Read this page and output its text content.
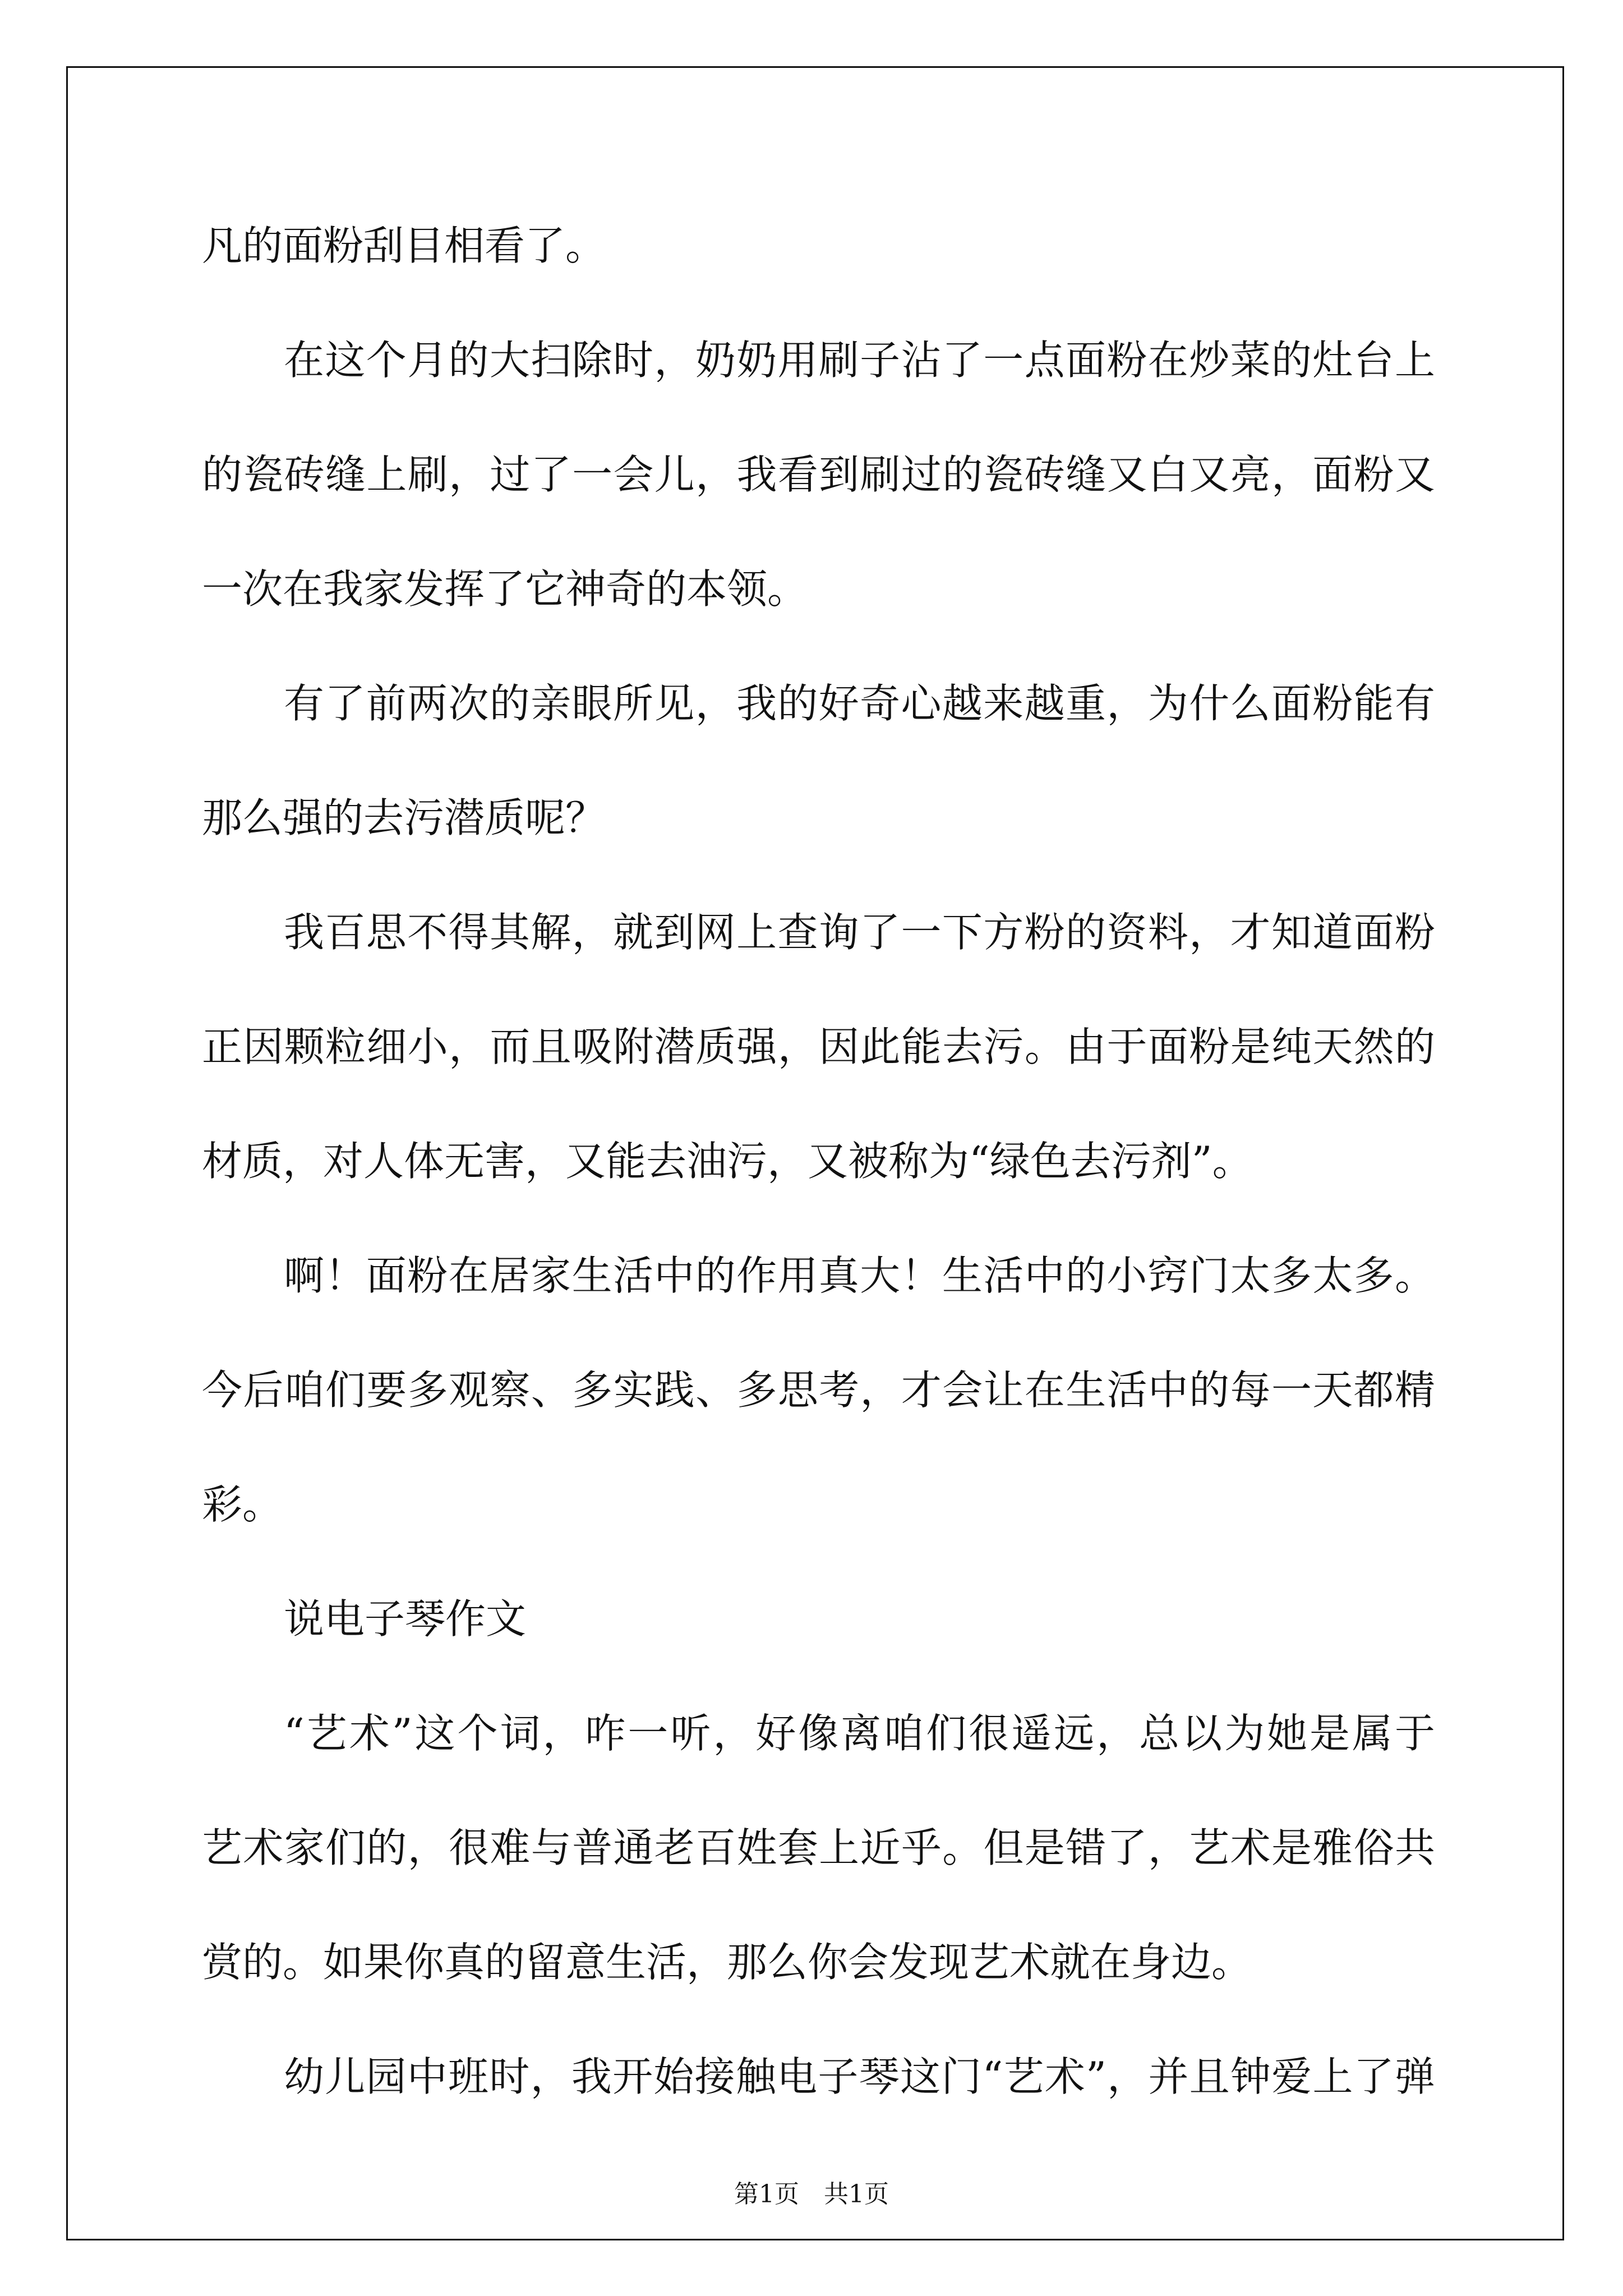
凡的面粉刮目相看了。
在这个月的大扫除时，奶奶用刷子沾了一点面粉在炒菜的灶台上
的瓷砖缝上刷，过了一会儿，我看到刷过的瓷砖缝又白又亮，面粉又
一次在我家发挥了它神奇的本领。
有了前两次的亲眼所见，我的好奇心越来越重，为什么面粉能有
那么强的去污潜质呢？
我百思不得其解，就到网上查询了一下方粉的资料，才知道面粉
正因颗粒细小，而且吸附潜质强，因此能去污。由于面粉是纯天然的
材质，对人体无害，又能去油污，又被称为“绿色去污剂”。
啊！面粉在居家生活中的作用真大！生活中的小窍门太多太多。
今后咱们要多观察、多实践、多思考，才会让在生活中的每一天都精
彩。
说电子琴作文
“艺术”这个词，咋一听，好像离咱们很遥远，总以为她是属于
艺术家们的，很难与普通老百姓套上近乎。但是错了，艺术是雅俗共
赏的。如果你真的留意生活，那么你会发现艺术就在身边。
幼儿园中班时，我开始接触电子琴这门“艺术”，并且钟爱上了弹
第1页　共1页
